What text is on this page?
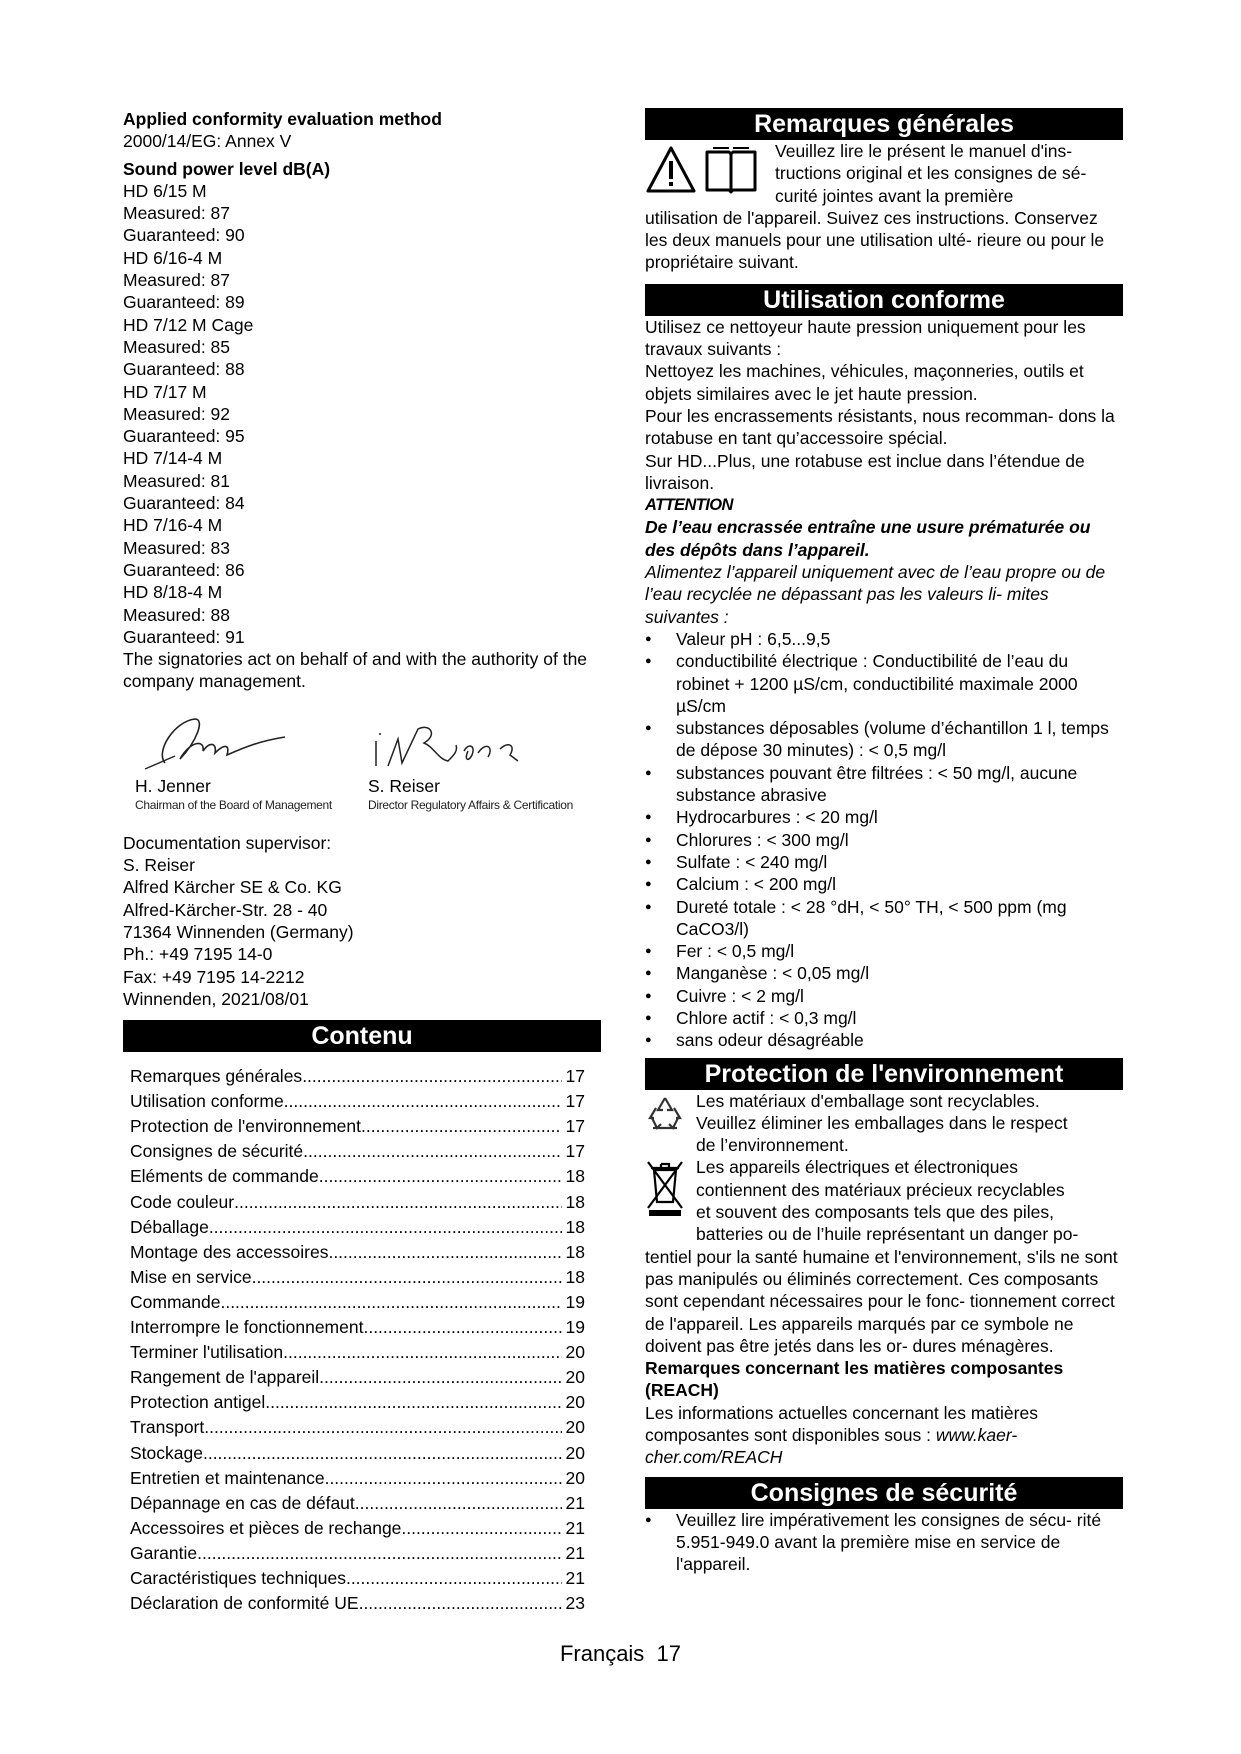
Applied conformity evaluation method
2000/14/EG: Annex V
Sound power level dB(A)
HD 6/15 M
Measured: 87
Guaranteed: 90
HD 6/16-4 M
Measured: 87
Guaranteed: 89
HD 7/12 M Cage
Measured: 85
Guaranteed: 88
HD 7/17 M
Measured: 92
Guaranteed: 95
HD 7/14-4 M
Measured: 81
Guaranteed: 84
HD 7/16-4 M
Measured: 83
Guaranteed: 86
HD 8/18-4 M
Measured: 88
Guaranteed: 91
The signatories act on behalf of and with the authority of the company management.
H. Jenner
Chairman of the Board of Management
S. Reiser
Director Regulatory Affairs & Certification
Documentation supervisor:
S. Reiser
Alfred Kärcher SE & Co. KG
Alfred-Kärcher-Str. 28 - 40
71364 Winnenden (Germany)
Ph.: +49 7195 14-0
Fax: +49 7195 14-2212
Winnenden, 2021/08/01
Contenu
Remarques générales .....	17
Utilisation conforme .....	17
Protection de l'environnement .....	17
Consignes de sécurité .....	17
Eléments de commande .....	18
Code couleur .....	18
Déballage .....	18
Montage des accessoires .....	18
Mise en service .....	18
Commande .....	19
Interrompre le fonctionnement .....	19
Terminer l'utilisation .....	20
Rangement de l'appareil .....	20
Protection antigel .....	20
Transport .....	20
Stockage .....	20
Entretien et maintenance .....	20
Dépannage en cas de défaut .....	21
Accessoires et pièces de rechange .....	21
Garantie .....	21
Caractéristiques techniques .....	21
Déclaration de conformité UE .....	23
Remarques générales
Veuillez lire le présent le manuel d'ins-
tructions original et les consignes de sé-
curité jointes avant la première
utilisation de l'appareil. Suivez ces instructions. Conservez les deux manuels pour une utilisation ulté- rieure ou pour le propriétaire suivant.
Utilisation conforme
Utilisez ce nettoyeur haute pression uniquement pour les travaux suivants :
Nettoyez les machines, véhicules, maçonneries, outils et objets similaires avec le jet haute pression.
Pour les encrassements résistants, nous recomman- dons la rotabuse en tant qu’accessoire spécial.
Sur HD...Plus, une rotabuse est inclue dans l’étendue de livraison.
ATTENTION
De l’eau encrassée entraîne une usure prématurée ou des dépôts dans l’appareil.
Alimentez l’appareil uniquement avec de l’eau propre ou de l’eau recyclée ne dépassant pas les valeurs li- mites suivantes :
● Valeur pH : 6,5...9,5
● conductibilité électrique : Conductibilité de l’eau du robinet + 1200 µS/cm, conductibilité maximale 2000 µS/cm
● substances déposables (volume d’échantillon 1 l, temps de dépose 30 minutes) : < 0,5 mg/l
● substances pouvant être filtrées : < 50 mg/l, aucune substance abrasive
● Hydrocarbures : < 20 mg/l
● Chlorures : < 300 mg/l
● Sulfate : < 240 mg/l
● Calcium : < 200 mg/l
● Dureté totale : < 28 °dH, < 50° TH, < 500 ppm (mg CaCO3/l)
● Fer : < 0,5 mg/l
● Manganèse : < 0,05 mg/l
● Cuivre : < 2 mg/l
● Chlore actif : < 0,3 mg/l
● sans odeur désagréable
Protection de l'environnement
Les matériaux d'emballage sont recyclables.
Veuillez éliminer les emballages dans le respect
de l’environnement.
Les appareils électriques et électroniques
contiennent des matériaux précieux recyclables
et souvent des composants tels que des piles,
batteries ou de l’huile représentant un danger po-
tentiel pour la santé humaine et l'environnement, s'ils ne sont pas manipulés ou éliminés correctement. Ces composants sont cependant nécessaires pour le fonc- tionnement correct de l'appareil. Les appareils marqués par ce symbole ne doivent pas être jetés dans les or- dures ménagères.
Remarques concernant les matières composantes (REACH)
Les informations actuelles concernant les matières composantes sont disponibles sous : www.kaer- cher.com/REACH
Consignes de sécurité
● Veuillez lire impérativement les consignes de sécu- rité 5.951-949.0 avant la première mise en service de l'appareil.
Français 17
